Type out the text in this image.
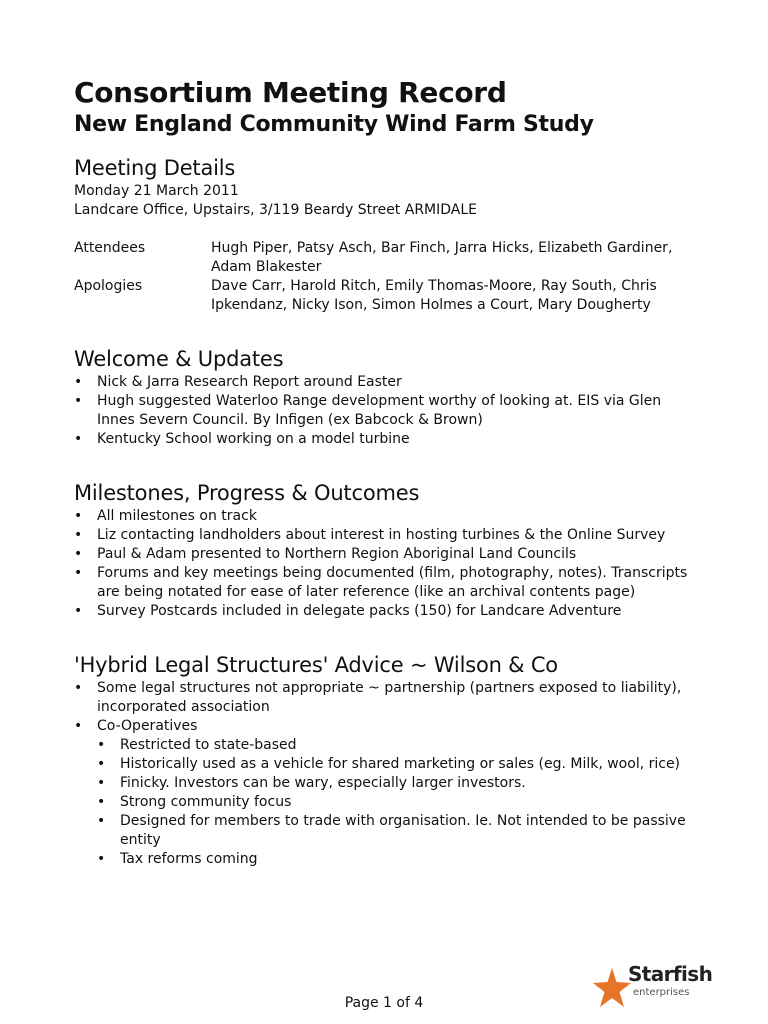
Consortium Meeting Record
New England Community Wind Farm Study
Meeting Details
Monday 21 March 2011
Landcare Office, Upstairs, 3/119 Beardy Street ARMIDALE
Attendees	Hugh Piper, Patsy Asch, Bar Finch, Jarra Hicks, Elizabeth Gardiner, Adam Blakester
Apologies	Dave Carr, Harold Ritch, Emily Thomas-Moore, Ray South, Chris Ipkendanz, Nicky Ison, Simon Holmes a Court, Mary Dougherty
Welcome & Updates
• Nick & Jarra Research Report around Easter
• Hugh suggested Waterloo Range development worthy of looking at. EIS via Glen Innes Severn Council. By Infigen (ex Babcock & Brown)
• Kentucky School working on a model turbine
Milestones, Progress & Outcomes
• All milestones on track
• Liz contacting landholders about interest in hosting turbines & the Online Survey
• Paul & Adam presented to Northern Region Aboriginal Land Councils
• Forums and key meetings being documented (film, photography, notes). Transcripts are being notated for ease of later reference (like an archival contents page)
• Survey Postcards included in delegate packs (150) for Landcare Adventure
'Hybrid Legal Structures' Advice ~ Wilson & Co
• Some legal structures not appropriate ~ partnership (partners exposed to liability), incorporated association
• Co-Operatives
• Restricted to state-based
• Historically used as a vehicle for shared marketing or sales (eg. Milk, wool, rice)
• Finicky. Investors can be wary, especially larger investors.
• Strong community focus
• Designed for members to trade with organisation. Ie. Not intended to be passive entity
• Tax reforms coming
Page 1 of 4
Starfish
enterprises
